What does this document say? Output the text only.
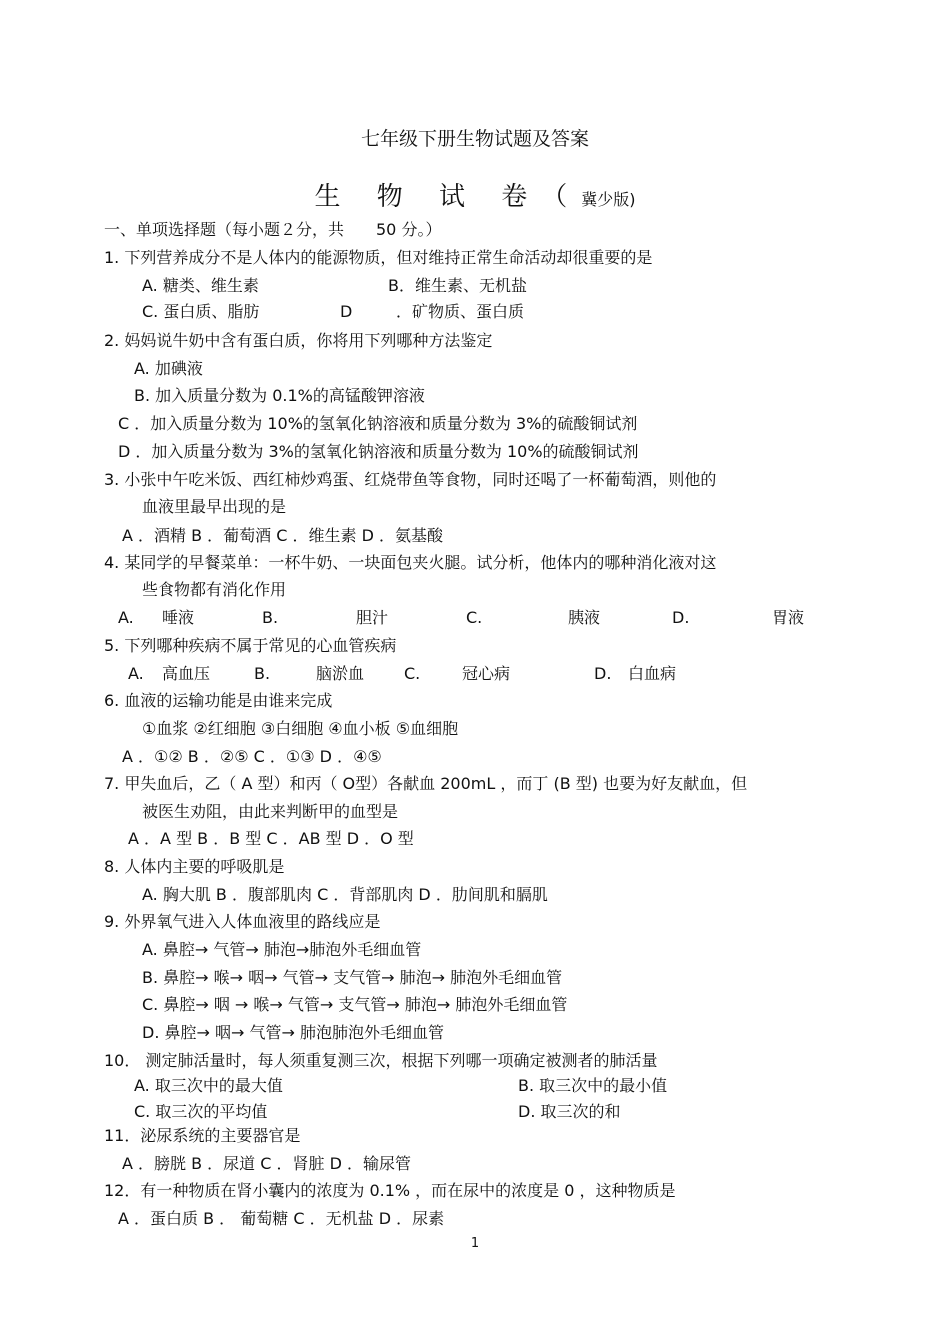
七年级下册生物试题及答案
生 物 试 卷（冀少版)
一、单项选择题（每小题２分，共　　50 分。）
1. 下列营养成分不是人体内的能源物质，但对维持正常生命活动却很重要的是
A. 糖类、维生素	B．维生素、无机盐
C. 蛋白质、脂肪	D	．矿物质、蛋白质
2. 妈妈说牛奶中含有蛋白质，你将用下列哪种方法鉴定
A. 加碘液
B. 加入质量分数为 0.1%的高锰酸钾溶液
C ．加入质量分数为 10%的氢氧化钠溶液和质量分数为 3%的硫酸铜试剂
D ．加入质量分数为 3%的氢氧化钠溶液和质量分数为 10%的硫酸铜试剂
3. 小张中午吃米饭、西红柿炒鸡蛋、红烧带鱼等食物，同时还喝了一杯葡萄酒，则他的
血液里最早出现的是
A ．酒精 B ．葡萄酒 C ．维生素 D ．氨基酸
4. 某同学的早餐菜单：一杯牛奶、一块面包夹火腿。试分析，他体内的哪种消化液对这
些食物都有消化作用
A. 唾液	B.	胆汁	C.	胰液	D.	胃液
5. 下列哪种疾病不属于常见的心血管疾病
A. 高血压	B.	脑淤血 C.	冠心病	D. 白血病
6. 血液的运输功能是由谁来完成
①血浆 ②红细胞 ③白细胞 ④血小板 ⑤血细胞
A ．①② B ．②⑤ C ．①③ D ．④⑤
7. 甲失血后，乙（ A 型）和丙（ O型）各献血 200mL ，而丁 (B 型) 也要为好友献血，但
被医生劝阻，由此来判断甲的血型是
A ．A 型 B ．B 型 C ．AB 型 D ．O 型
8. 人体内主要的呼吸肌是
A. 胸大肌 B ．腹部肌肉 C ．背部肌肉 D ．肋间肌和膈肌
9. 外界氧气进入人体血液里的路线应是
A. 鼻腔→ 气管→ 肺泡→肺泡外毛细血管
B. 鼻腔→ 喉→ 咽→ 气管→ 支气管→ 肺泡→ 肺泡外毛细血管
C. 鼻腔→ 咽 → 喉→ 气管→ 支气管→ 肺泡→ 肺泡外毛细血管
D. 鼻腔→ 咽→ 气管→ 肺泡肺泡外毛细血管
10． 测定肺活量时，每人须重复测三次，根据下列哪一项确定被测者的肺活量
A. 取三次中的最大值	B. 取三次中的最小值
C. 取三次的平均值	D. 取三次的和
11．泌尿系统的主要器官是
A ．膀胱 B ．尿道 C ．肾脏 D ．输尿管
12．有一种物质在肾小囊内的浓度为 0.1% ，而在尿中的浓度是 0 ，这种物质是
A ．蛋白质 B ． 葡萄糖 C ．无机盐 D ．尿素
1
